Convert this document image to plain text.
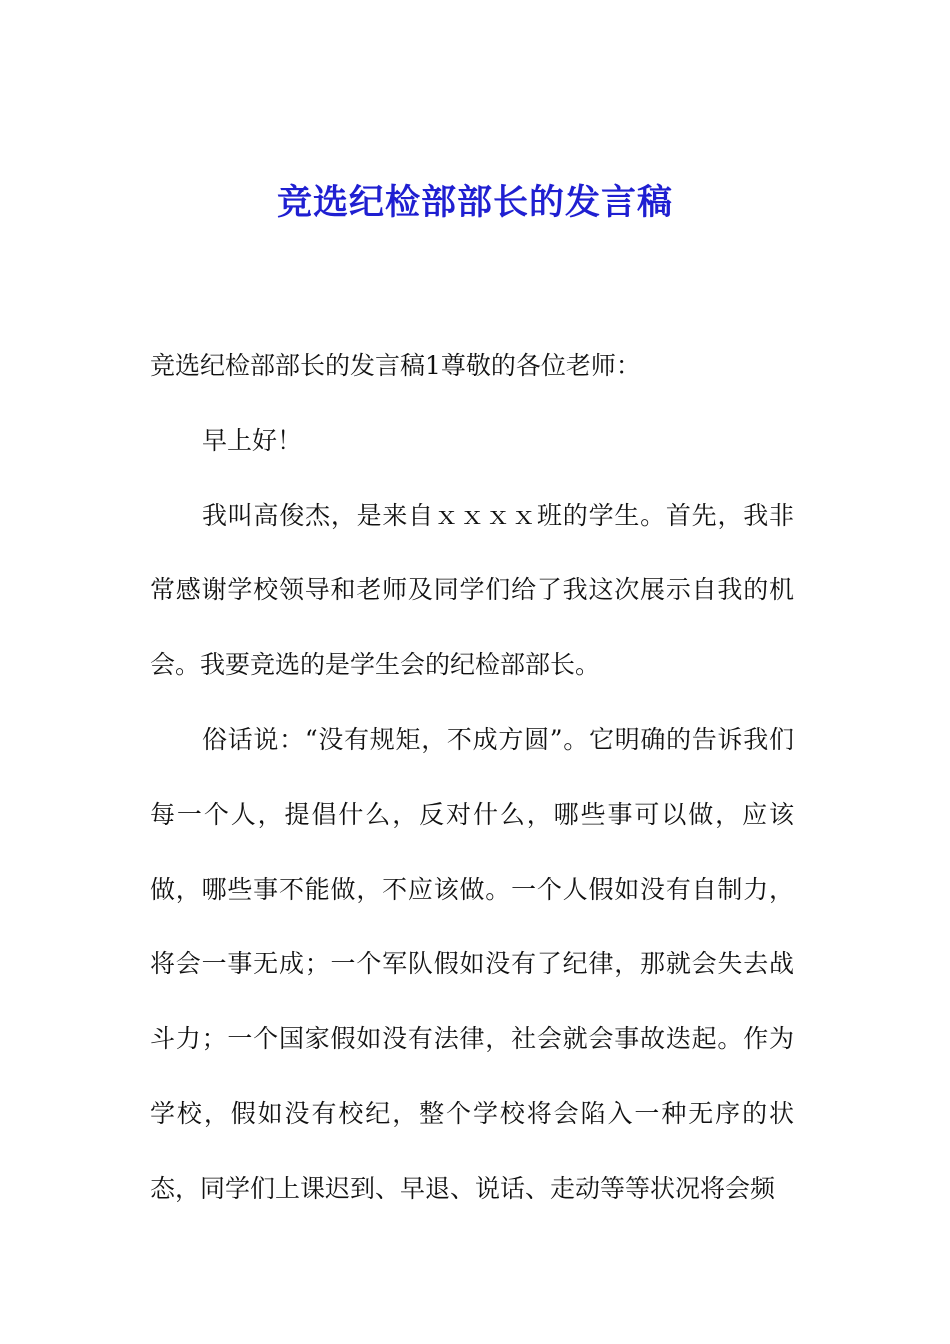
竞选纪检部部长的发言稿

竞选纪检部部长的发言稿1尊敬的各位老师：

早上好！

我叫高俊杰，是来自ｘｘｘｘ班的学生。首先，我非常感谢学校领导和老师及同学们给了我这次展示自我的机会。我要竞选的是学生会的纪检部部长。

俗话说：“没有规矩，不成方圆”。它明确的告诉我们每一个人，提倡什么，反对什么，哪些事可以做，应该做，哪些事不能做，不应该做。一个人假如没有自制力，将会一事无成；一个军队假如没有了纪律，那就会失去战斗力；一个国家假如没有法律，社会就会事故迭起。作为学校，假如没有校纪，整个学校将会陷入一种无序的状态，同学们上课迟到、早退、说话、走动等等状况将会频
